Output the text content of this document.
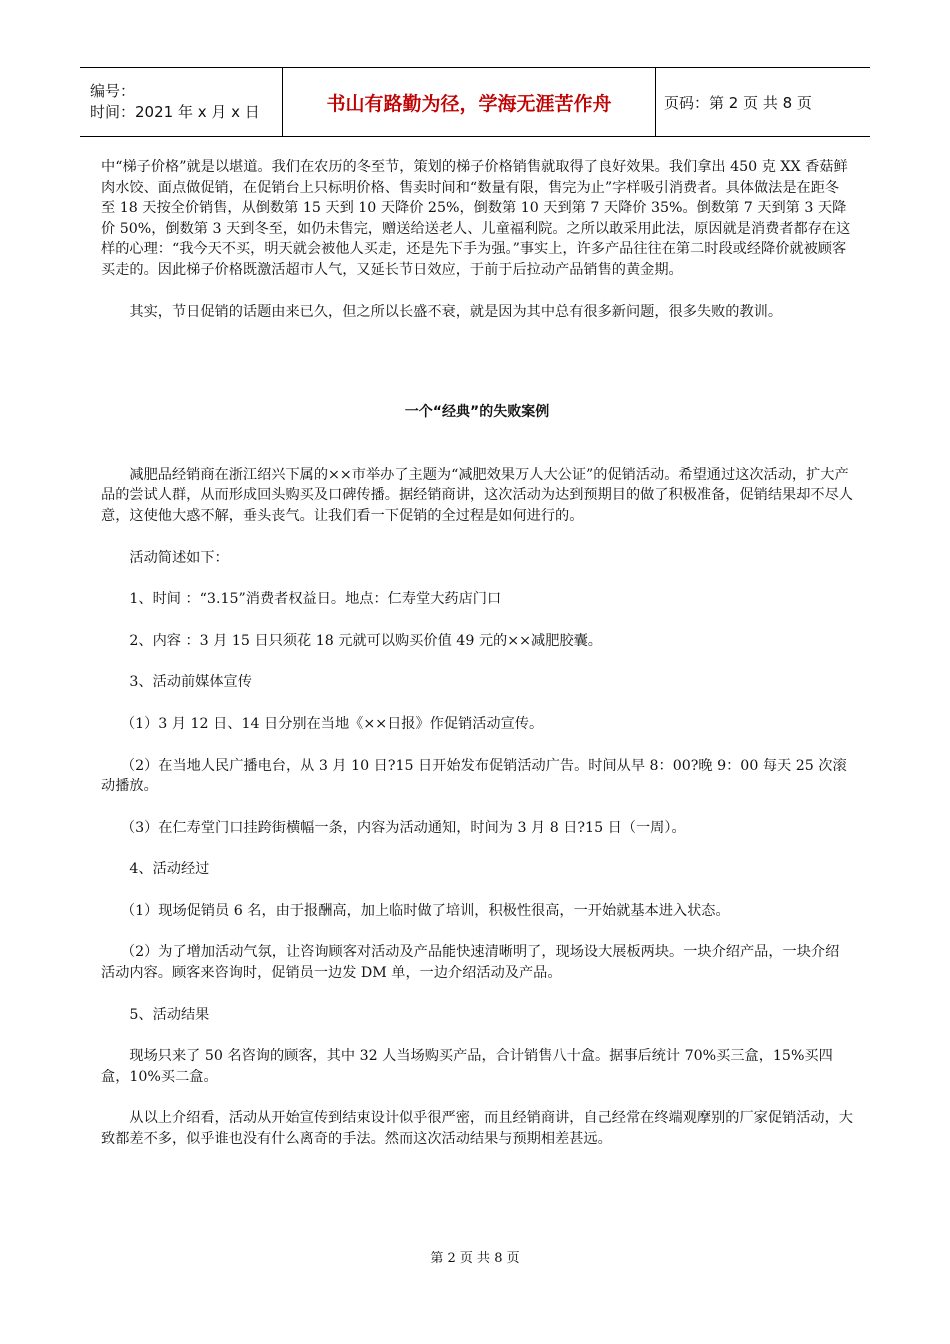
编号：
时间：2021 年 x 月 x 日	书山有路勤为径，学海无涯苦作舟	页码：第 2 页 共 8 页

中“梯子价格”就是以堪道。我们在农历的冬至节，策划的梯子价格销售就取得了良好效果。我们拿出 450 克 XX 香菇鲜肉水饺、面点做促销，在促销台上只标明价格、售卖时间和“数量有限，售完为止”字样吸引消费者。具体做法是在距冬至 18 天按全价销售，从倒数第 15 天到 10 天降价 25%，倒数第 10 天到第 7 天降价 35%。倒数第 7 天到第 3 天降价 50%，倒数第 3 天到冬至，如仍未售完，赠送给送老人、儿童福利院。之所以敢采用此法，原因就是消费者都存在这样的心理：“我今天不买，明天就会被他人买走，还是先下手为强。”事实上，许多产品往往在第二时段或经降价就被顾客买走的。因此梯子价格既激活超市人气，又延长节日效应，于前于后拉动产品销售的黄金期。

其实，节日促销的话题由来已久，但之所以长盛不衰，就是因为其中总有很多新问题，很多失败的教训。

一个“经典”的失败案例

减肥品经销商在浙江绍兴下属的××市举办了主题为“减肥效果万人大公证”的促销活动。希望通过这次活动，扩大产品的尝试人群，从而形成回头购买及口碑传播。据经销商讲，这次活动为达到预期目的做了积极准备，促销结果却不尽人意，这使他大惑不解，垂头丧气。让我们看一下促销的全过程是如何进行的。

活动简述如下：

1、时间 ：“3.15”消费者权益日。地点：仁寿堂大药店门口

2、内容 ：3 月 15 日只须花 18 元就可以购买价值 49 元的××减肥胶囊。

3、活动前媒体宣传

（1）3 月 12 日、14 日分别在当地《××日报》作促销活动宣传。

（2）在当地人民广播电台，从 3 月 10 日?15 日开始发布促销活动广告。时间从早 8：00?晚 9：00 每天 25 次滚动播放。

（3）在仁寿堂门口挂跨街横幅一条，内容为活动通知，时间为 3 月 8 日?15 日（一周）。

4、活动经过

（1）现场促销员 6 名，由于报酬高，加上临时做了培训，积极性很高，一开始就基本进入状态。

（2）为了增加活动气氛，让咨询顾客对活动及产品能快速清晰明了，现场设大展板两块。一块介绍产品，一块介绍活动内容。顾客来咨询时，促销员一边发 DM 单，一边介绍活动及产品。

5、活动结果

现场只来了 50 名咨询的顾客，其中 32 人当场购买产品，合计销售八十盒。据事后统计 70%买三盒，15%买四盒，10%买二盒。

从以上介绍看，活动从开始宣传到结束设计似乎很严密，而且经销商讲，自己经常在终端观摩别的厂家促销活动，大致都差不多，似乎谁也没有什么离奇的手法。然而这次活动结果与预期相差甚远。

第 2 页 共 8 页
